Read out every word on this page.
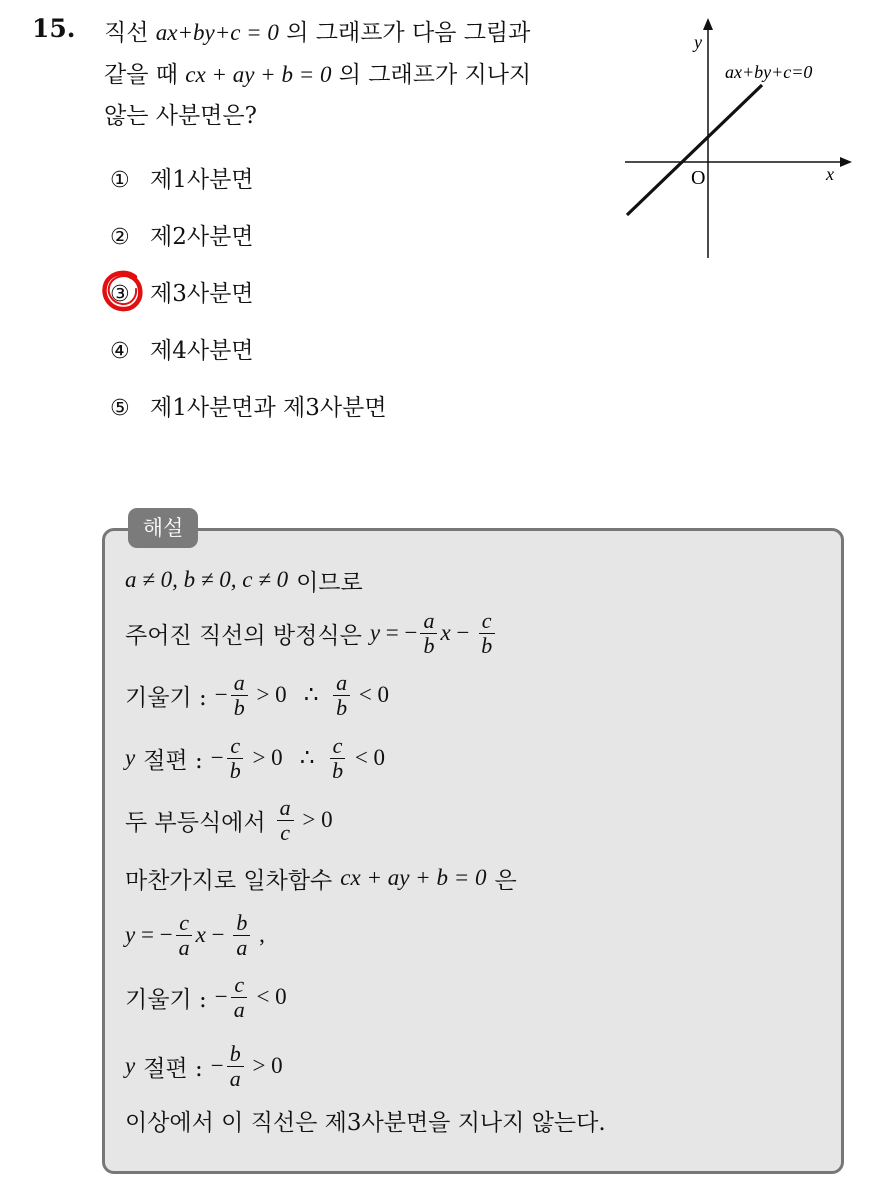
15. 직선 ax+by+c = 0 의 그래프가 다음 그림과
같을 때 cx + ay + b = 0 의 그래프가 지나지
않는 사분면은?
① 제1사분면
② 제2사분면
③ 제3사분면
④ 제4사분면
⑤ 제1사분면과 제3사분면
y
x
O
ax+by+c=0
해설
a ≠ 0, b ≠ 0, c ≠ 0 이므로
주어진 직선의 방정식은 y = − $\frac{a}{b}$ $x - \frac{c}{b}$
기울기 : − $\frac{a}{b} > 0$   ∴ $\frac{a}{b} < 0$
y 절편 : − $\frac{c}{b} > 0$   ∴ $\frac{c}{b} < 0$
두 부등식에서 $\frac{a}{c} > 0$
마찬가지로 일차함수 cx + ay + b = 0 은
y = − $\frac{c}{a}$ $x - \frac{b}{a}$ ,
기울기 : − $\frac{c}{a} < 0$
y 절편 : − $\frac{b}{a} > 0$
이상에서 이 직선은 제3사분면을 지나지 않는다.
